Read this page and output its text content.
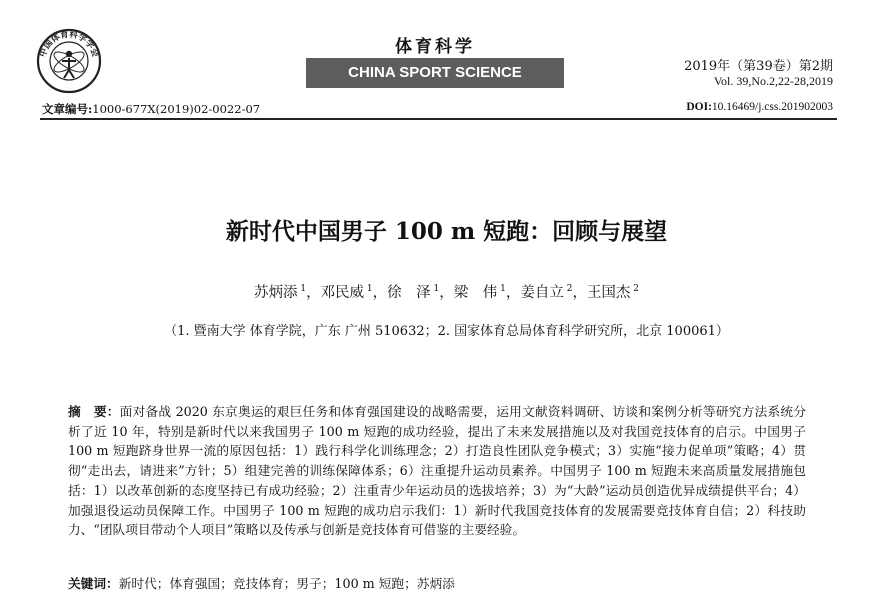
中国体育科学学会	体育科学
CHINA SPORT SCIENCE	2019年（第39卷）第2期
Vol. 39,No.2,22-28,2019
文章编号:1000-677X(2019)02-0022-07	DOI:10.16469/j.css.201902003
新时代中国男子 100 m 短跑：回顾与展望
苏炳添 $^1$，邓民威 $^1$，徐　泽 $^1$，梁　伟 $^1$，姜自立 $^2$，王国杰 $^2$
（1. 暨南大学 体育学院，广东 广州 510632；2. 国家体育总局体育科学研究所，北京 100061）
摘　要：面对备战 2020 东京奥运的艰巨任务和体育强国建设的战略需要，运用文献资料调研、访谈和案例分析等研究方法系统分析了近 10 年，特别是新时代以来我国男子 100 m 短跑的成功经验，提出了未来发展措施以及对我国竞技体育的启示。中国男子 100 m 短跑跻身世界一流的原因包括：1）践行科学化训练理念；2）打造良性团队竞争模式；3）实施“接力促单项”策略；4）贯彻“走出去，请进来”方针；5）组建完善的训练保障体系；6）注重提升运动员素养。中国男子 100 m 短跑未来高质量发展措施包括：1）以改革创新的态度坚持已有成功经验；2）注重青少年运动员的选拔培养；3）为“大龄”运动员创造优异成绩提供平台；4）加强退役运动员保障工作。中国男子 100 m 短跑的成功启示我们：1）新时代我国竞技体育的发展需要竞技体育自信；2）科技助力、“团队项目带动个人项目”策略以及传承与创新是竞技体育可借鉴的主要经验。
关键词：新时代；体育强国；竞技体育；男子；100 m 短跑；苏炳添
